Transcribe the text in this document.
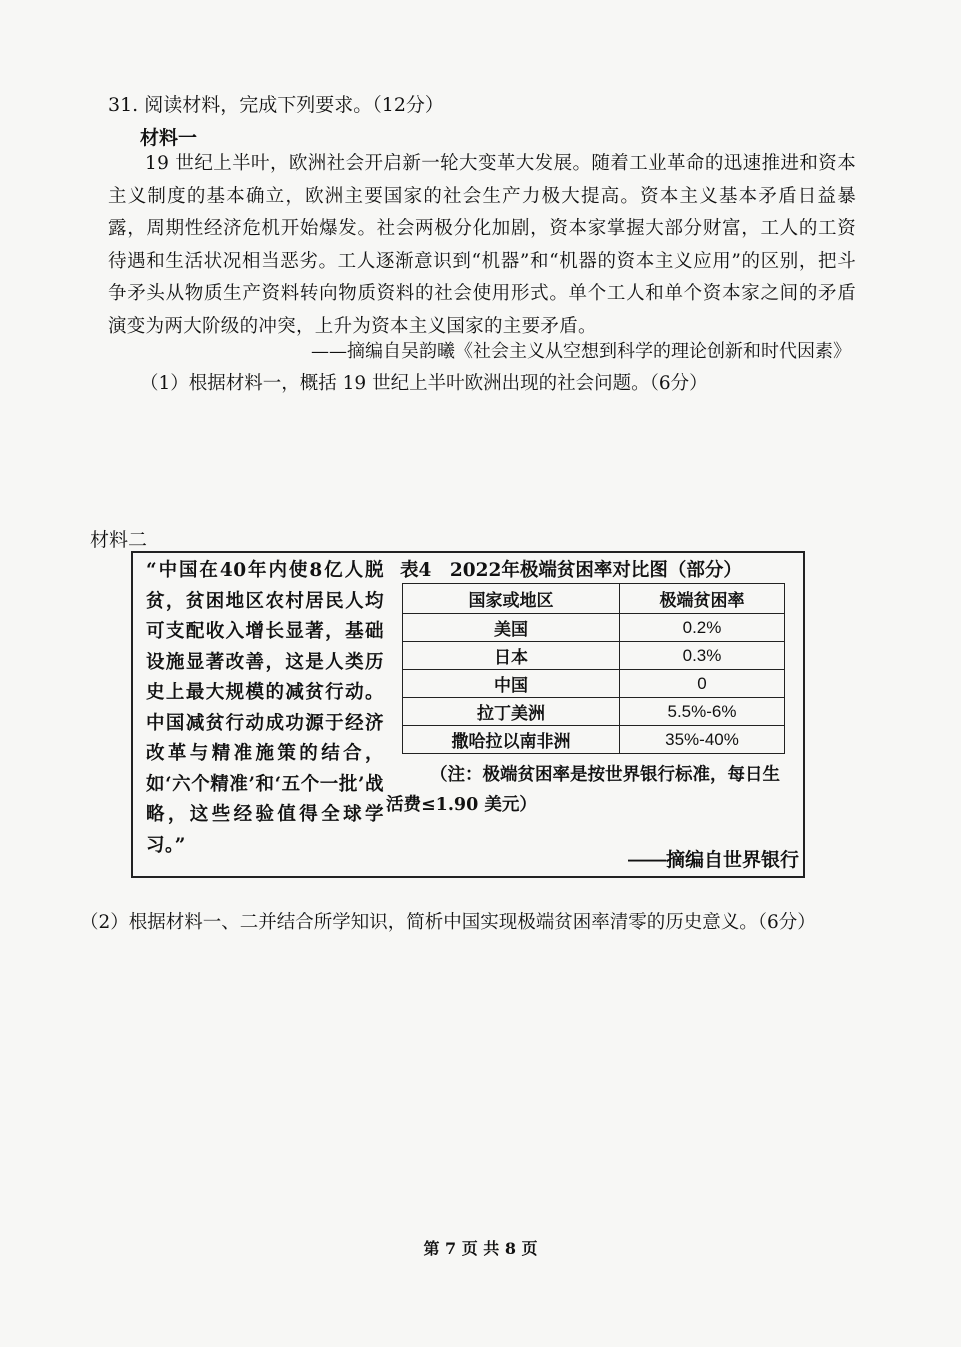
31. 阅读材料，完成下列要求。（12分）
材料一
19 世纪上半叶，欧洲社会开启新一轮大变革大发展。随着工业革命的迅速推进和资本主义制度的基本确立，欧洲主要国家的社会生产力极大提高。资本主义基本矛盾日益暴露，周期性经济危机开始爆发。社会两极分化加剧，资本家掌握大部分财富，工人的工资待遇和生活状况相当恶劣。工人逐渐意识到“机器”和“机器的资本主义应用”的区别，把斗争矛头从物质生产资料转向物质资料的社会使用形式。单个工人和单个资本家之间的矛盾演变为两大阶级的冲突，上升为资本主义国家的主要矛盾。
——摘编自吴韵曦《社会主义从空想到科学的理论创新和时代因素》
（1）根据材料一，概括 19 世纪上半叶欧洲出现的社会问题。（6分）
材料二
“中国在40年内使8亿人脱贫，贫困地区农村居民人均可支配收入增长显著，基础设施显著改善，这是人类历史上最大规模的减贫行动。中国减贫行动成功源于经济改革与精准施策的结合，如‘六个精准’和‘五个一批’战略，这些经验值得全球学习。”
表4　2022年极端贫困率对比图（部分）
国家或地区	极端贫困率
美国	0.2%
日本	0.3%
中国	0
拉丁美洲	5.5%-6%
撒哈拉以南非洲	35%-40%
（注：极端贫困率是按世界银行标准，每日生
活费≤1.90 美元）
——摘编自世界银行
（2）根据材料一、二并结合所学知识，简析中国实现极端贫困率清零的历史意义。（6分）
第 7 页 共 8 页
